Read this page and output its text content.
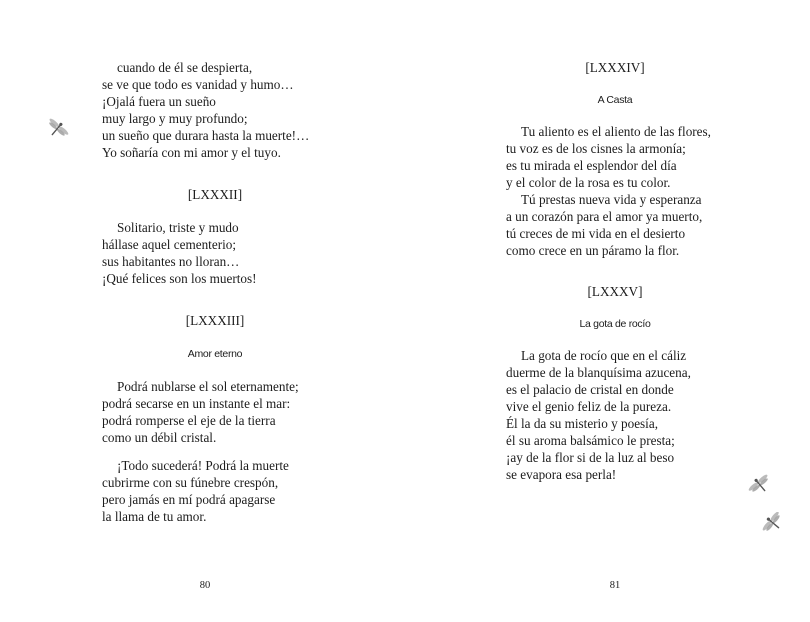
cuando de él se despierta,
se ve que todo es vanidad y humo…
¡Ojalá fuera un sueño
muy largo y muy profundo;
un sueño que durara hasta la muerte!…
Yo soñaría con mi amor y el tuyo.
[LXXXII]
Solitario, triste y mudo
hállase aquel cementerio;
sus habitantes no lloran…
¡Qué felices son los muertos!
[LXXXIII]
Amor eterno
Podrá nublarse el sol eternamente;
podrá secarse en un instante el mar:
podrá romperse el eje de la tierra
como un débil cristal.
¡Todo sucederá! Podrá la muerte
cubrirme con su fúnebre crespón,
pero jamás en mí podrá apagarse
la llama de tu amor.
80
[LXXXIV]
A Casta
Tu aliento es el aliento de las flores,
tu voz es de los cisnes la armonía;
es tu mirada el esplendor del día
y el color de la rosa es tu color.
Tú prestas nueva vida y esperanza
a un corazón para el amor ya muerto,
tú creces de mi vida en el desierto
como crece en un páramo la flor.
[LXXXV]
La gota de rocío
La gota de rocío que en el cáliz
duerme de la blanquísima azucena,
es el palacio de cristal en donde
vive el genio feliz de la pureza.
Él la da su misterio y poesía,
él su aroma balsámico le presta;
¡ay de la flor si de la luz al beso
se evapora esa perla!
81
